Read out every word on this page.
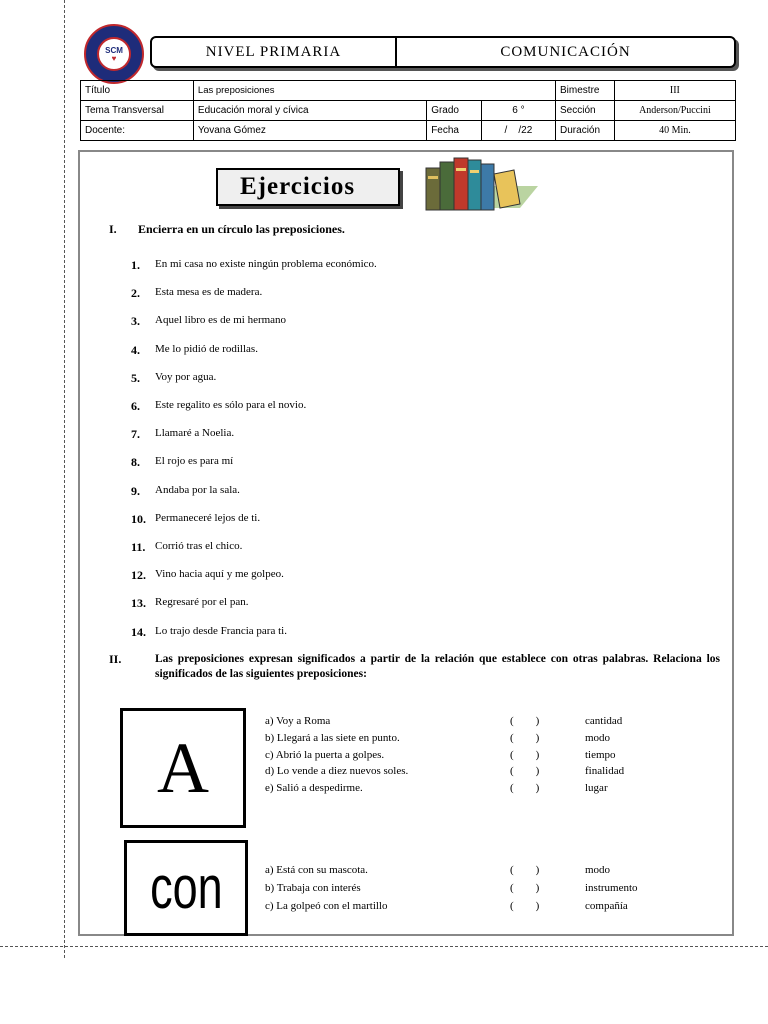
SCM
♥	NIVEL PRIMARIA	COMUNICACIÓN
Título	Las preposiciones			Bimestre	III
Tema Transversal	Educación moral y cívica	Grado	6 °	Sección	Anderson/Puccini
Docente:	Yovana Gómez	Fecha	/    /22	Duración	40 Min.
Ejercicios
I. Encierra en un círculo las preposiciones.
1. En mi casa no existe ningún problema económico.
2. Esta mesa es de madera.
3. Aquel libro es de mi hermano
4. Me lo pidió de rodillas.
5. Voy por agua.
6. Este regalito es sólo para el novio.
7. Llamaré a Noelia.
8. El rojo es para mí
9. Andaba por la sala.
10. Permaneceré lejos de ti.
11. Corrió tras el chico.
12. Vino hacia aquí y me golpeo.
13. Regresaré por el pan.
14. Lo trajo desde Francia para ti.
II.	Las preposiciones expresan significados a partir de la relación que establece con otras palabras. Relaciona los significados de las siguientes preposiciones:
A
a) Voy a Roma	(        )	cantidad
b) Llegará a las siete en punto.	(        )	modo
c) Abrió la puerta a golpes.	(        )	tiempo
d) Lo vende a diez nuevos soles.	(        )	finalidad
e) Salió a despedirme.	(        )	lugar
con	a) Está con su mascota.	(        )	modo
b) Trabaja con interés	(        )	instrumento
c) La golpeó con el martillo	(        )	compañía
